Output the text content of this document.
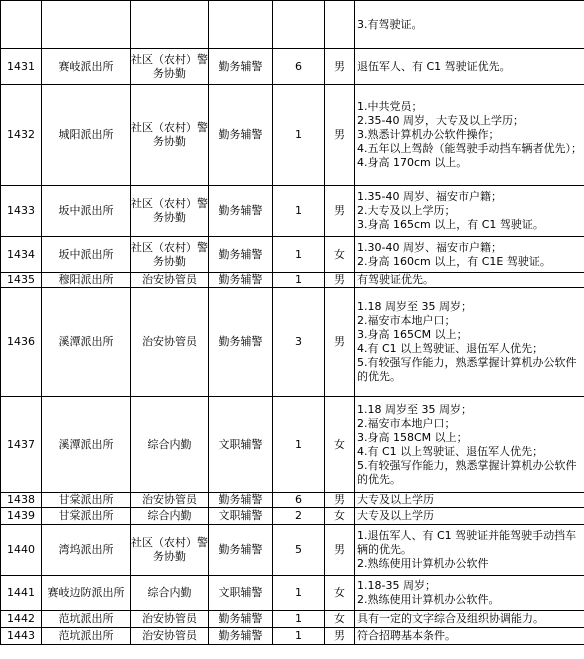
						3.有驾驶证。

1431	赛岐派出所	社区（农村）警务协勤	勤务辅警	6	男	退伍军人、有 C1 驾驶证优先。

1432	城阳派出所	社区（农村）警务协勤	勤务辅警	1	男	1.中共党员；
2.35-40 周岁，大专及以上学历；
3.熟悉计算机办公软件操作；
4.五年以上驾龄（能驾驶手动挡车辆者优先）；
4.身高 170cm 以上。

1433	坂中派出所	社区（农村）警务协勤	勤务辅警	1	男	1.35-40 周岁、福安市户籍；
2.大专及以上学历；
3.身高 165cm 以上，有 C1 驾驶证。

1434	坂中派出所	社区（农村）警务协勤	勤务辅警	1	女	1.30-40 周岁、福安市户籍；
2.身高 160cm 以上，有 C1E 驾驶证。

1435	穆阳派出所	治安协管员	勤务辅警	1	男	有驾驶证优先。

1436	溪潭派出所	治安协管员	勤务辅警	3	男	1.18 周岁至 35 周岁；
2.福安市本地户口；
3.身高 165CM 以上；
4.有 C1 以上驾驶证、退伍军人优先；
5.有较强写作能力，熟悉掌握计算机办公软件的优先。

1437	溪潭派出所	综合内勤	文职辅警	1	女	1.18 周岁至 35 周岁；
2.福安市本地户口；
3.身高 158CM 以上；
4.有 C1 以上驾驶证、退伍军人优先；
5.有较强写作能力，熟悉掌握计算机办公软件的优先。

1438	甘棠派出所	治安协管员	勤务辅警	6	男	大专及以上学历

1439	甘棠派出所	综合内勤	文职辅警	2	女	大专及以上学历

1440	湾坞派出所	社区（农村）警务协勤	勤务辅警	5	男	1.退伍军人、有 C1 驾驶证并能驾驶手动挡车辆的优先。
2.熟练使用计算机办公软件

1441	赛岐边防派出所	综合内勤	文职辅警	1	女	1.18-35 周岁；
2.熟练使用计算机办公软件。

1442	范坑派出所	治安协管员	勤务辅警	1	女	具有一定的文字综合及组织协调能力。

1443	范坑派出所	治安协管员	勤务辅警	1	男	符合招聘基本条件。
